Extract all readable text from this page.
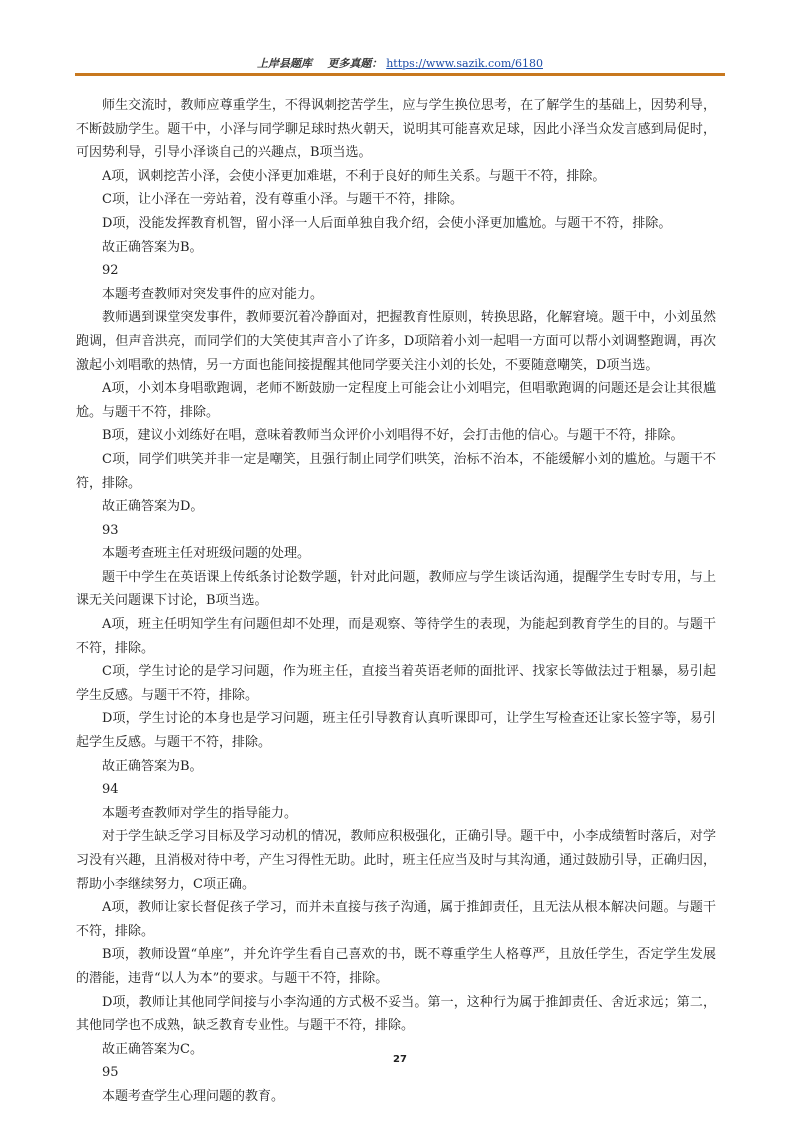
上岸县题库 更多真题： https://www.sazik.com/6180

师生交流时，教师应尊重学生，不得讽刺挖苦学生，应与学生换位思考，在了解学生的基础上，因势利导，不断鼓励学生。题干中，小泽与同学聊足球时热火朝天，说明其可能喜欢足球，因此小泽当众发言感到局促时，可因势利导，引导小泽谈自己的兴趣点，B项当选。

A项，讽刺挖苦小泽，会使小泽更加难堪，不利于良好的师生关系。与题干不符，排除。

C项，让小泽在一旁站着，没有尊重小泽。与题干不符，排除。

D项，没能发挥教育机智，留小泽一人后面单独自我介绍，会使小泽更加尴尬。与题干不符，排除。

故正确答案为B。

92

本题考查教师对突发事件的应对能力。

教师遇到课堂突发事件，教师要沉着冷静面对，把握教育性原则，转换思路，化解窘境。题干中，小刘虽然跑调，但声音洪亮，而同学们的大笑使其声音小了许多，D项陪着小刘一起唱一方面可以帮小刘调整跑调，再次激起小刘唱歌的热情，另一方面也能间接提醒其他同学要关注小刘的长处，不要随意嘲笑，D项当选。

A项，小刘本身唱歌跑调，老师不断鼓励一定程度上可能会让小刘唱完，但唱歌跑调的问题还是会让其很尴尬。与题干不符，排除。

B项，建议小刘练好在唱，意味着教师当众评价小刘唱得不好，会打击他的信心。与题干不符，排除。

C项，同学们哄笑并非一定是嘲笑，且强行制止同学们哄笑，治标不治本，不能缓解小刘的尴尬。与题干不符，排除。

故正确答案为D。

93

本题考查班主任对班级问题的处理。

题干中学生在英语课上传纸条讨论数学题，针对此问题，教师应与学生谈话沟通，提醒学生专时专用，与上课无关问题课下讨论，B项当选。

A项，班主任明知学生有问题但却不处理，而是观察、等待学生的表现，为能起到教育学生的目的。与题干不符，排除。

C项，学生讨论的是学习问题，作为班主任，直接当着英语老师的面批评、找家长等做法过于粗暴，易引起学生反感。与题干不符，排除。

D项，学生讨论的本身也是学习问题，班主任引导教育认真听课即可，让学生写检查还让家长签字等，易引起学生反感。与题干不符，排除。

故正确答案为B。

94

本题考查教师对学生的指导能力。

对于学生缺乏学习目标及学习动机的情况，教师应积极强化，正确引导。题干中，小李成绩暂时落后，对学习没有兴趣，且消极对待中考，产生习得性无助。此时，班主任应当及时与其沟通，通过鼓励引导，正确归因，帮助小李继续努力，C项正确。

A项，教师让家长督促孩子学习，而并未直接与孩子沟通，属于推卸责任，且无法从根本解决问题。与题干不符，排除。

B项，教师设置“单座”，并允许学生看自己喜欢的书，既不尊重学生人格尊严，且放任学生，否定学生发展的潜能，违背“以人为本”的要求。与题干不符，排除。

D项，教师让其他同学间接与小李沟通的方式极不妥当。第一，这种行为属于推卸责任、舍近求远；第二，其他同学也不成熟，缺乏教育专业性。与题干不符，排除。

故正确答案为C。

95

本题考查学生心理问题的教育。

27
